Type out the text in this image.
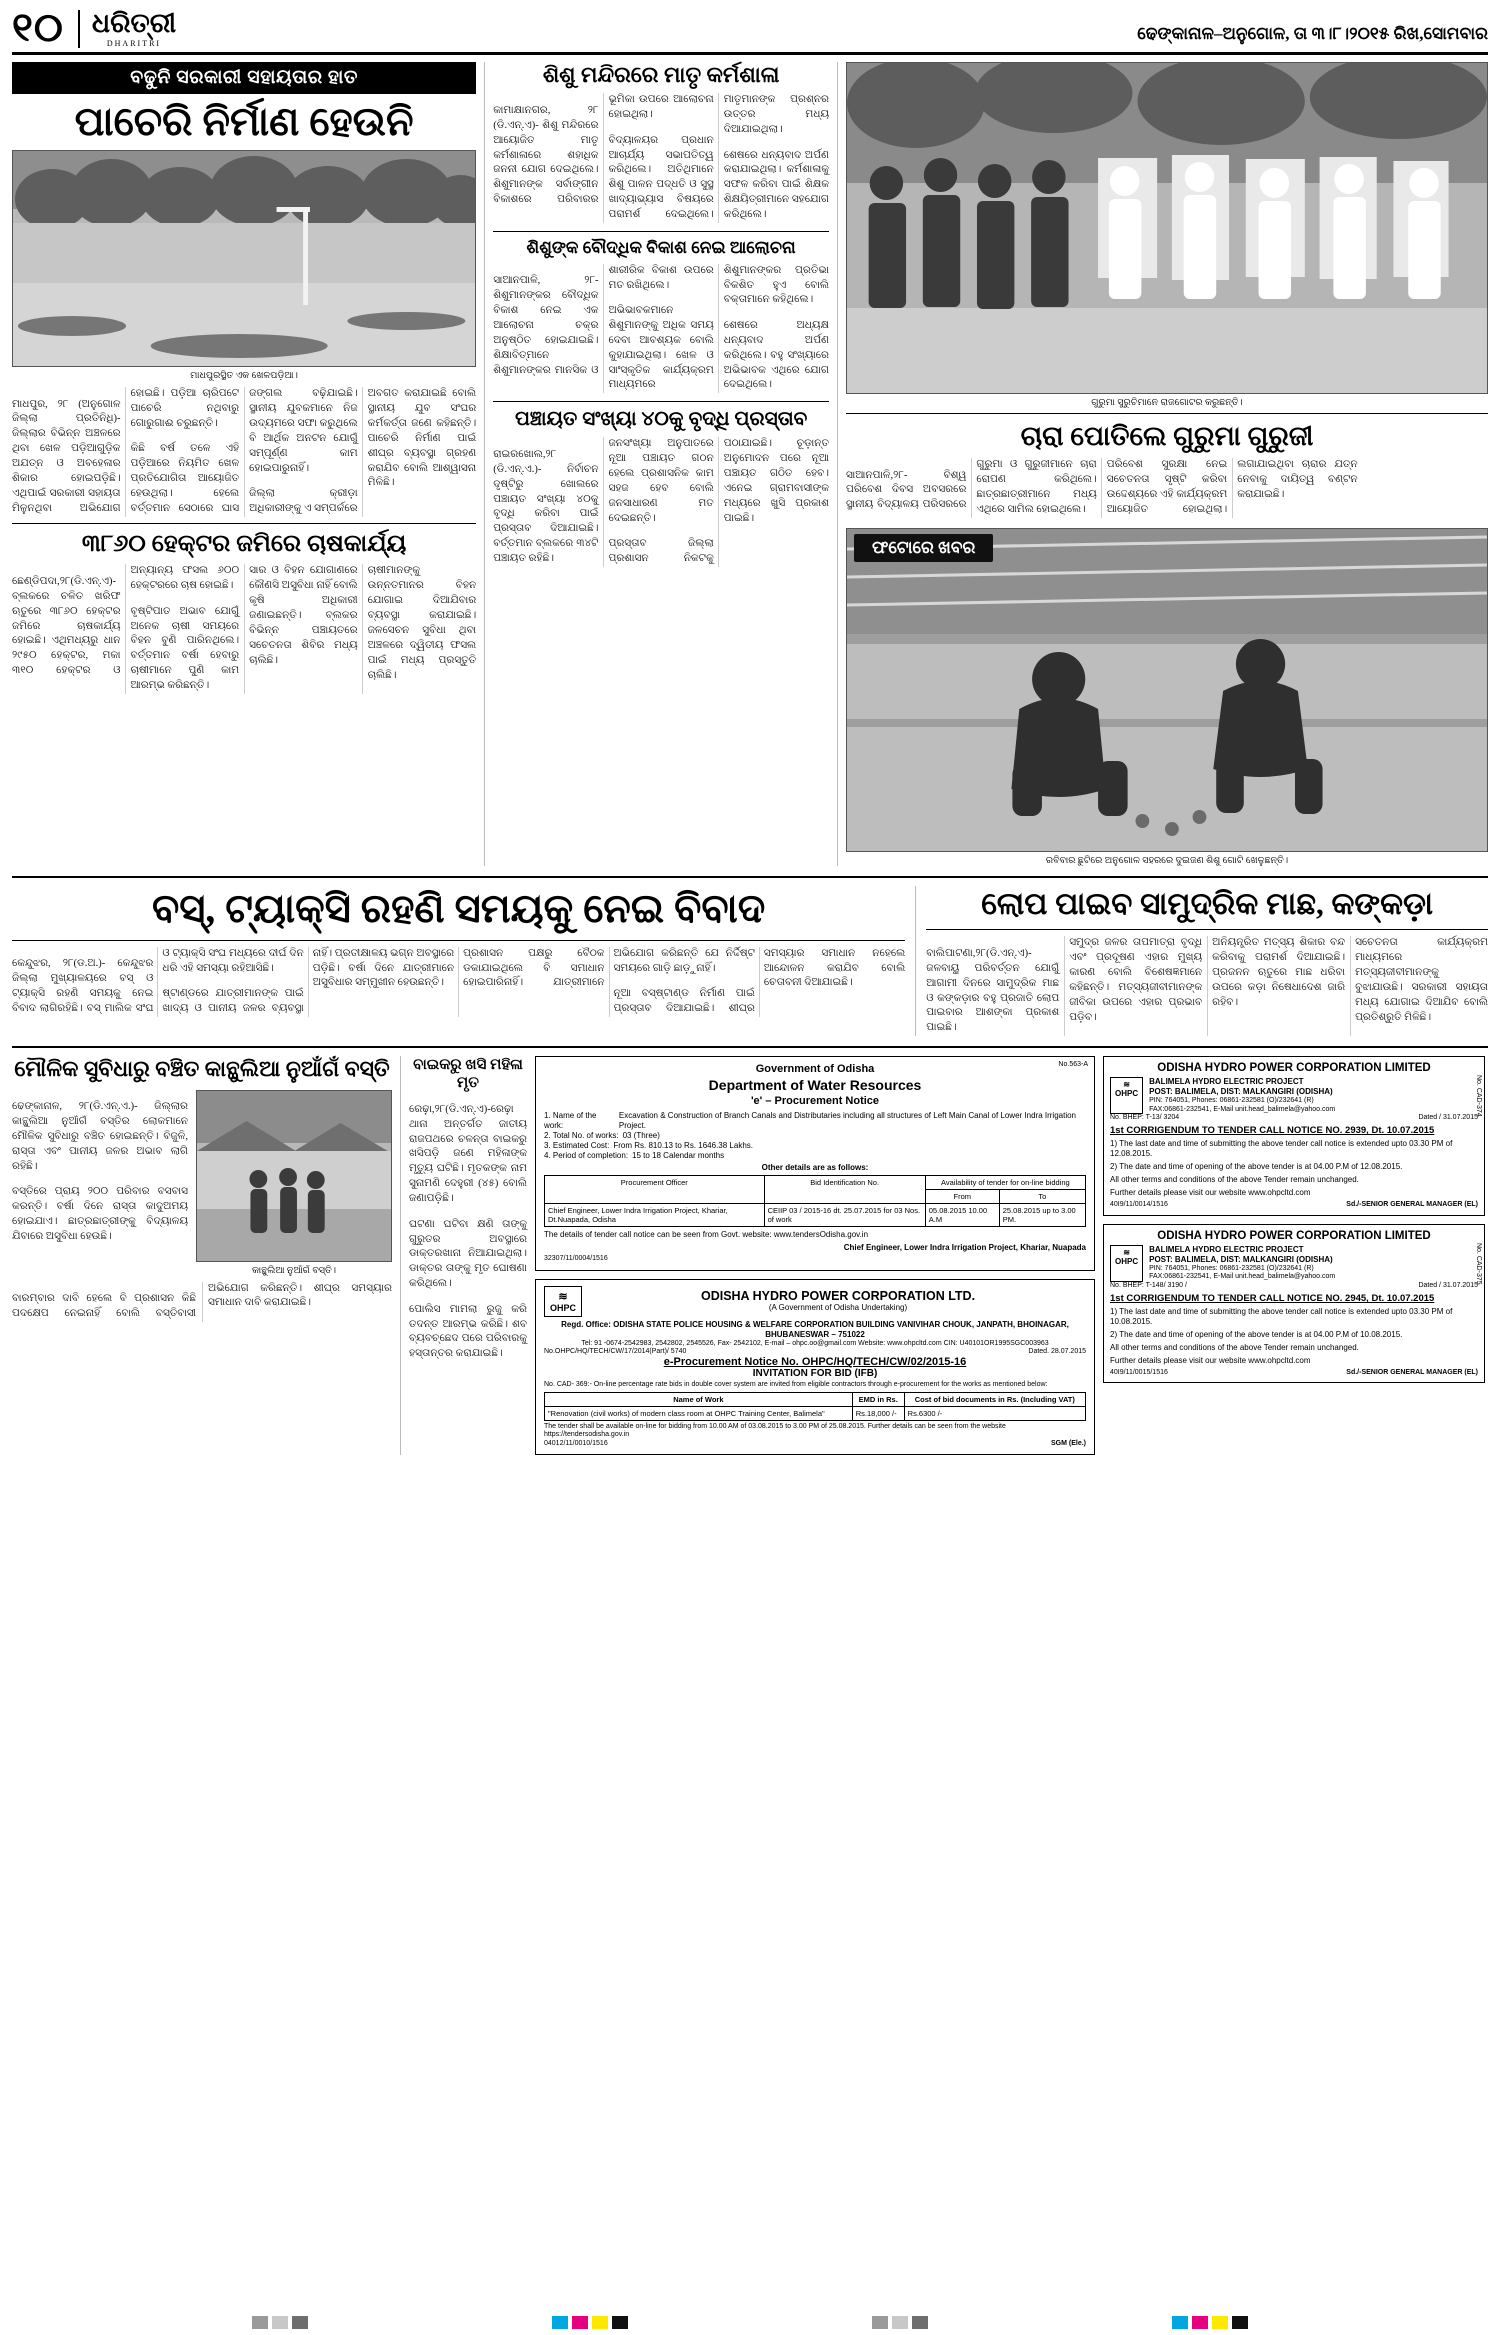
୧୦ ଧରିତ୍ରୀ
DHARITRI
ଢେଙ୍କାନାଳ–ଅନୁଗୋଳ, ତା ୩।୮।୨୦୧୫ ରିଖ,ସୋମବାର
ବଢୁନି ସରକାରୀ ସହାୟତାର ହାତ
ପାଚେରି ନିର୍ମାଣ ହେଉନି
ମାଧପୁରସ୍ଥିତ ଏକ ଖେଳପଡ଼ିଆ।

ମାଧପୁର, ୨୮ (ଅନୁଗୋଳ ଜିଲ୍ଲା ପ୍ରତିନିଧି)- ଜିଲ୍ଲାର ବିଭିନ୍ନ ଅଞ୍ଚଳରେ ଥିବା ଖେଳ ପଡ଼ିଆଗୁଡ଼ିକ ଅଯତ୍ନ ଓ ଅବହେଳାର ଶିକାର ହୋଇପଡ଼ିଛି। ଏଥିପାଇଁ ସରକାରୀ ସହାୟତା ମିଳୁନଥିବା ଅଭିଯୋଗ ହୋଇଛି। ପଡ଼ିଆ ଚାରିପଟେ ପାଚେରି ନଥିବାରୁ ଗୋରୁଗାଈ ଚରୁଛନ୍ତି।

କିଛି ବର୍ଷ ତଳେ ଏହି ପଡ଼ିଆରେ ନିୟମିତ ଖେଳ ପ୍ରତିଯୋଗିତା ଆୟୋଜିତ ହେଉଥିଲା। ହେଲେ ବର୍ତ୍ତମାନ ସେଠାରେ ଘାସ ଜଙ୍ଗଲ ବଢ଼ିଯାଇଛି। ସ୍ଥାନୀୟ ଯୁବକମାନେ ନିଜ ଉଦ୍ୟମରେ ସଫା କରୁଥିଲେ ବି ଆର୍ଥିକ ଅନଟନ ଯୋଗୁଁ ସମ୍ପୂର୍ଣ୍ଣ କାମ ହୋଇପାରୁନାହିଁ।

ଜିଲ୍ଲା କ୍ରୀଡ଼ା ଅଧିକାରୀଙ୍କୁ ଏ ସମ୍ପର୍କରେ ଅବଗତ କରାଯାଇଛି ବୋଲି ସ୍ଥାନୀୟ ଯୁବ ସଂଘର କର୍ମକର୍ତ୍ତା ଜଣେ କହିଛନ୍ତି। ପାଚେରି ନିର୍ମାଣ ପାଇଁ ଶୀଘ୍ର ବ୍ୟବସ୍ଥା ଗ୍ରହଣ କରାଯିବ ବୋଲି ଆଶ୍ୱାସନା ମିଳିଛି।

୩୮୬୦ ହେକ୍ଟର ଜମିରେ ଚାଷକାର୍ଯ୍ୟ

ଛେଣ୍ଡିପଦା,୨୮(ଡି.ଏନ୍.ଏ)- ବ୍ଲକରେ ଚଳିତ ଖରିଫ ଋତୁରେ ୩୮୬୦ ହେକ୍ଟର ଜମିରେ ଚାଷକାର୍ଯ୍ୟ ହୋଇଛି। ଏଥିମଧ୍ୟରୁ ଧାନ ୨୯୫୦ ହେକ୍ଟର, ମକା ୩୧୦ ହେକ୍ଟର ଓ ଅନ୍ୟାନ୍ୟ ଫସଲ ୬୦୦ ହେକ୍ଟରରେ ଚାଷ ହୋଇଛି।

ବୃଷ୍ଟିପାତ ଅଭାବ ଯୋଗୁଁ ଅନେକ ଚାଷୀ ସମୟରେ ବିହନ ବୁଣି ପାରିନଥିଲେ। ବର୍ତ୍ତମାନ ବର୍ଷା ହେବାରୁ ଚାଷୀମାନେ ପୁଣି କାମ ଆରମ୍ଭ କରିଛନ୍ତି।

ସାର ଓ ବିହନ ଯୋଗାଣରେ କୌଣସି ଅସୁବିଧା ନାହିଁ ବୋଲି କୃଷି ଅଧିକାରୀ ଜଣାଇଛନ୍ତି। ବ୍ଲକର ବିଭିନ୍ନ ପଞ୍ଚାୟତରେ ସଚେତନତା ଶିବିର ମଧ୍ୟ ଚାଲିଛି।

ଚାଷୀମାନଙ୍କୁ ଉନ୍ନତମାନର ବିହନ ଯୋଗାଇ ଦିଆଯିବାର ବ୍ୟବସ୍ଥା କରାଯାଇଛି। ଜଳସେଚନ ସୁବିଧା ଥିବା ଅଞ୍ଚଳରେ ଦ୍ୱିତୀୟ ଫସଲ ପାଇଁ ମଧ୍ୟ ପ୍ରସ୍ତୁତି ଚାଲିଛି।

ଶିଶୁ ମନ୍ଦିରରେ ମାତୃ କର୍ମଶାଳା

କାମାକ୍ଷାନଗର, ୨୮ (ଡି.ଏନ୍.ଏ)- ଶିଶୁ ମନ୍ଦିରରେ ଆୟୋଜିତ ମାତୃ କର୍ମଶାଳାରେ ଶହାଧିକ ଜନନୀ ଯୋଗ ଦେଇଥିଲେ। ଶିଶୁମାନଙ୍କ ସର୍ବାଙ୍ଗୀନ ବିକାଶରେ ପରିବାରର ଭୂମିକା ଉପରେ ଆଲୋଚନା ହୋଇଥିଲା।

ବିଦ୍ୟାଳୟର ପ୍ରଧାନ ଆଚାର୍ଯ୍ୟ ସଭାପତିତ୍ୱ କରିଥିଲେ। ଅତିଥିମାନେ ଶିଶୁ ପାଳନ ପଦ୍ଧତି ଓ ସୁସ୍ଥ ଖାଦ୍ୟାଭ୍ୟାସ ବିଷୟରେ ପରାମର୍ଶ ଦେଇଥିଲେ। ମାତୃମାନଙ୍କ ପ୍ରଶ୍ନର ଉତ୍ତର ମଧ୍ୟ ଦିଆଯାଇଥିଲା।

ଶେଷରେ ଧନ୍ୟବାଦ ଅର୍ପଣ କରାଯାଇଥିଲା। କର୍ମଶାଳାକୁ ସଫଳ କରିବା ପାଇଁ ଶିକ୍ଷକ ଶିକ୍ଷୟିତ୍ରୀମାନେ ସହଯୋଗ କରିଥିଲେ।

ଶିଶୁଙ୍କ ବୌଦ୍ଧିକ ବିକାଶ ନେଇ ଆଲୋଚନା

ସାଆନପାଳି, ୨୮- ଶିଶୁମାନଙ୍କର ବୌଦ୍ଧିକ ବିକାଶ ନେଇ ଏକ ଆଲୋଚନା ଚକ୍ର ଅନୁଷ୍ଠିତ ହୋଇଯାଇଛି। ଶିକ୍ଷାବିତ୍‌ମାନେ ଶିଶୁମାନଙ୍କର ମାନସିକ ଓ ଶାରୀରିକ ବିକାଶ ଉପରେ ମତ ରଖିଥିଲେ।

ଅଭିଭାବକମାନେ ଶିଶୁମାନଙ୍କୁ ଅଧିକ ସମୟ ଦେବା ଆବଶ୍ୟକ ବୋଲି କୁହାଯାଇଥିଲା। ଖେଳ ଓ ସାଂସ୍କୃତିକ କାର୍ଯ୍ୟକ୍ରମ ମାଧ୍ୟମରେ ଶିଶୁମାନଙ୍କର ପ୍ରତିଭା ବିକଶିତ ହୁଏ ବୋଲି ବକ୍ତାମାନେ କହିଥିଲେ।

ଶେଷରେ ଅଧ୍ୟକ୍ଷ ଧନ୍ୟବାଦ ଅର୍ପଣ କରିଥିଲେ। ବହୁ ସଂଖ୍ୟାରେ ଅଭିଭାବକ ଏଥିରେ ଯୋଗ ଦେଇଥିଲେ।

ପଞ୍ଚାୟତ ସଂଖ୍ୟା ୪୦କୁ ବୃଦ୍ଧି ପ୍ରସ୍ତାବ

ରାଇରଖୋଲ,୨୮ (ଡି.ଏନ୍.ଏ.)- ନିର୍ବାଚନ ଦୃଷ୍ଟିରୁ ଖୋଲରେ ପଞ୍ଚାୟତ ସଂଖ୍ୟା ୪୦କୁ ବୃଦ୍ଧି କରିବା ପାଇଁ ପ୍ରସ୍ତାବ ଦିଆଯାଇଛି। ବର୍ତ୍ତମାନ ବ୍ଲକରେ ୩୪ଟି ପଞ୍ଚାୟତ ରହିଛି।

ଜନସଂଖ୍ୟା ଅନୁପାତରେ ନୂଆ ପଞ୍ଚାୟତ ଗଠନ ହେଲେ ପ୍ରଶାସନିକ କାମ ସହଜ ହେବ ବୋଲି ଜନସାଧାରଣ ମତ ଦେଇଛନ୍ତି।

ପ୍ରସ୍ତାବ ଜିଲ୍ଲା ପ୍ରଶାସନ ନିକଟକୁ ପଠାଯାଇଛି। ଚୂଡ଼ାନ୍ତ ଅନୁମୋଦନ ପରେ ନୂଆ ପଞ୍ଚାୟତ ଗଠିତ ହେବ। ଏନେଇ ଗ୍ରାମବାସୀଙ୍କ ମଧ୍ୟରେ ଖୁସି ପ୍ରକାଶ ପାଇଛି।

ଗୁରୁମା ସୁରୁଚିମାନେ ରାଜଗୋଟର କରୁଛନ୍ତି।
ଚାରା ପୋତିଲେ ଗୁରୁମା ଗୁରୁଜୀ

ସାଆନପାଳି,୨୮- ବିଶ୍ୱ ପରିବେଶ ଦିବସ ଅବସରରେ ସ୍ଥାନୀୟ ବିଦ୍ୟାଳୟ ପରିସରରେ ଗୁରୁମା ଓ ଗୁରୁଜୀମାନେ ଚାରା ରୋପଣ କରିଥିଲେ। ଛାତ୍ରଛାତ୍ରୀମାନେ ମଧ୍ୟ ଏଥିରେ ସାମିଲ ହୋଇଥିଲେ।

ପରିବେଶ ସୁରକ୍ଷା ନେଇ ସଚେତନତା ସୃଷ୍ଟି କରିବା ଉଦ୍ଦେଶ୍ୟରେ ଏହି କାର୍ଯ୍ୟକ୍ରମ ଆୟୋଜିତ ହୋଇଥିଲା। ଲଗାଯାଇଥିବା ଚାରାର ଯତ୍ନ ନେବାକୁ ଦାୟିତ୍ୱ ବଣ୍ଟନ କରାଯାଇଛି।

ଫଟୋରେ ଖବର
ରବିବାର ଛୁଟିରେ ଅନୁଗୋଳ ସହରରେ ଦୁଇଜଣ ଶିଶୁ ଗୋଟି ଖେଳୁଛନ୍ତି।
ବସ୍‌, ଟ୍ୟାକ୍ସି ରହଣି ସମୟକୁ ନେଇ ବିବାଦ

କେନ୍ଦୁଝର, ୨୮(ଡ.ଅ.)- କେନ୍ଦୁଝର ଜିଲ୍ଲା ମୁଖ୍ୟାଳୟରେ ବସ୍‌ ଓ ଟ୍ୟାକ୍ସି ରହଣି ସମୟକୁ ନେଇ ବିବାଦ ଲାଗିରହିଛି। ବସ୍‌ ମାଲିକ ସଂଘ ଓ ଟ୍ୟାକ୍ସି ସଂଘ ମଧ୍ୟରେ ଦୀର୍ଘ ଦିନ ଧରି ଏହି ସମସ୍ୟା ରହିଆସିଛି।

ଷ୍ଟାଣ୍ଡରେ ଯାତ୍ରୀମାନଙ୍କ ପାଇଁ ଖାଦ୍ୟ ଓ ପାନୀୟ ଜଳର ବ୍ୟବସ୍ଥା ନାହିଁ। ପ୍ରତୀକ୍ଷାଳୟ ଭଗ୍ନ ଅବସ୍ଥାରେ ପଡ଼ିଛି। ବର୍ଷା ଦିନେ ଯାତ୍ରୀମାନେ ଅସୁବିଧାର ସମ୍ମୁଖୀନ ହେଉଛନ୍ତି।

ପ୍ରଶାସନ ପକ୍ଷରୁ ବୈଠକ ଡକାଯାଇଥିଲେ ବି ସମାଧାନ ହୋଇପାରିନାହିଁ। ଯାତ୍ରୀମାନେ ଅଭିଯୋଗ କରିଛନ୍ତି ଯେ ନିର୍ଦ୍ଦିଷ୍ଟ ସମୟରେ ଗାଡ଼ି ଛାଡ଼ୁନାହିଁ।

ନୂଆ ବସ୍‌ଷ୍ଟାଣ୍ଡ ନିର୍ମାଣ ପାଇଁ ପ୍ରସ୍ତାବ ଦିଆଯାଇଛି। ଶୀଘ୍ର ସମସ୍ୟାର ସମାଧାନ ନହେଲେ ଆନ୍ଦୋଳନ କରାଯିବ ବୋଲି ଚେତାବନୀ ଦିଆଯାଇଛି।

ଲୋପ ପାଇବ ସାମୁଦ୍ରିକ ମାଛ, କଙ୍କଡ଼ା

ବାଲିପାଟଣା,୨୮(ଡି.ଏନ୍.ଏ)-ଜଳବାୟୁ ପରିବର୍ତ୍ତନ ଯୋଗୁଁ ଆଗାମୀ ଦିନରେ ସାମୁଦ୍ରିକ ମାଛ ଓ କଙ୍କଡ଼ାର ବହୁ ପ୍ରଜାତି ଲୋପ ପାଇବାର ଆଶଙ୍କା ପ୍ରକାଶ ପାଇଛି।

ସମୁଦ୍ର ଜଳର ତାପମାତ୍ରା ବୃଦ୍ଧି ଏବଂ ପ୍ରଦୂଷଣ ଏହାର ମୁଖ୍ୟ କାରଣ ବୋଲି ବିଶେଷଜ୍ଞମାନେ କହିଛନ୍ତି। ମତ୍ସ୍ୟଜୀବୀମାନଙ୍କ ଜୀବିକା ଉପରେ ଏହାର ପ୍ରଭାବ ପଡ଼ିବ।

ଅନିୟନ୍ତ୍ରିତ ମତ୍ସ୍ୟ ଶିକାର ବନ୍ଦ କରିବାକୁ ପରାମର୍ଶ ଦିଆଯାଇଛି। ପ୍ରଜନନ ଋତୁରେ ମାଛ ଧରିବା ଉପରେ କଡ଼ା ନିଷେଧାଦେଶ ଜାରି ରହିବ।

ସଚେତନତା କାର୍ଯ୍ୟକ୍ରମ ମାଧ୍ୟମରେ ମତ୍ସ୍ୟଜୀବୀମାନଙ୍କୁ ବୁଝାଯାଉଛି। ସରକାରୀ ସହାୟତା ମଧ୍ୟ ଯୋଗାଇ ଦିଆଯିବ ବୋଲି ପ୍ରତିଶ୍ରୁତି ମିଳିଛି।

ମୌଳିକ ସୁବିଧାରୁ ବଞ୍ଚିତ କାନ୍ଥୁଲିଆ ନୁଆଁଗଁ ବସ୍ତି

ଢେଙ୍କାନାଳ, ୨୮(ଡି.ଏନ୍.ଏ.)- ଜିଲ୍ଲାର କାନ୍ଥୁଲିଆ ନୁଆଁଗଁ ବସ୍ତିର ଲୋକମାନେ ମୌଳିକ ସୁବିଧାରୁ ବଞ୍ଚିତ ହୋଇଛନ୍ତି। ବିଜୁଳି, ରାସ୍ତା ଏବଂ ପାନୀୟ ଜଳର ଅଭାବ ଲାଗି ରହିଛି।

ବସ୍ତିରେ ପ୍ରାୟ ୨୦୦ ପରିବାର ବସବାସ କରନ୍ତି। ବର୍ଷା ଦିନେ ରାସ୍ତା କାଦୁଅମୟ ହୋଇଯାଏ। ଛାତ୍ରଛାତ୍ରୀଙ୍କୁ ବିଦ୍ୟାଳୟ ଯିବାରେ ଅସୁବିଧା ହେଉଛି।

କାନ୍ଥୁଲିଆ ନୁଆଁଗଁ ବସ୍ତି।

ବାରମ୍ବାର ଦାବି ହେଲେ ବି ପ୍ରଶାସନ କିଛି ପଦକ୍ଷେପ ନେଇନାହିଁ ବୋଲି ବସ୍ତିବାସୀ ଅଭିଯୋଗ କରିଛନ୍ତି। ଶୀଘ୍ର ସମସ୍ୟାର ସମାଧାନ ଦାବି କରାଯାଇଛି।

ବାଇକରୁ ଖସି ମହିଳା ମୃତ

ରେଢ଼ା,୨୮(ଡି.ଏନ୍.ଏ)-ରେଢ଼ା ଥାନା ଅନ୍ତର୍ଗତ ଜାତୀୟ ରାଜପଥରେ ଚଳନ୍ତା ବାଇକରୁ ଖସିପଡ଼ି ଜଣେ ମହିଳାଙ୍କ ମୃତ୍ୟୁ ଘଟିଛି। ମୃତକଙ୍କ ନାମ ସୁନାମଣି ଦେହୁରୀ (୪୫) ବୋଲି ଜଣାପଡ଼ିଛି।

ଘଟଣା ଘଟିବା କ୍ଷଣି ତାଙ୍କୁ ଗୁରୁତର ଅବସ୍ଥାରେ ଡାକ୍ତରଖାନା ନିଆଯାଇଥିଲା। ଡାକ୍ତର ତାଙ୍କୁ ମୃତ ଘୋଷଣା କରିଥିଲେ।

ପୋଲିସ ମାମଲା ରୁଜୁ କରି ତଦନ୍ତ ଆରମ୍ଭ କରିଛି। ଶବ ବ୍ୟବଚ୍ଛେଦ ପରେ ପରିବାରକୁ ହସ୍ତାନ୍ତର କରାଯାଇଛି।

No.563-A
Government of Odisha
Department of Water Resources
'e' – Procurement Notice
1. Name of the work:
Excavation & Construction of Branch Canals and Distributaries including all structures of Left Main Canal of Lower Indra Irrigation Project.
2. Total No. of works: 03 (Three)
3. Estimated Cost: From Rs. 810.13 to Rs. 1646.38 Lakhs.
4. Period of completion: 15 to 18 Calendar months
Other details are as follows:
Procurement Officer	Bid Identification No.	Availability of tender for on-line bidding	
		From	To
Chief Engineer, Lower Indra Irrigation Project, Khariar, Dt.Nuapada, Odisha	CEIIP 03 / 2015-16 dt. 25.07.2015 for 03 Nos. of work	05.08.2015 10.00 A.M	25.08.2015 up to 3.00 PM.
The details of tender call notice can be seen from Govt. website: www.tendersOdisha.gov.in
Chief Engineer, Lower Indra Irrigation Project, Khariar, Nuapada
32307/11/0004/1516
≋
OHPC
ODISHA HYDRO POWER CORPORATION LTD.
(A Government of Odisha Undertaking)
Regd. Office: ODISHA STATE POLICE HOUSING & WELFARE CORPORATION BUILDING VANIVIHAR CHOUK, JANPATH, BHOINAGAR, BHUBANESWAR – 751022
Tel: 91 -0674-2542983, 2542802, 2545526, Fax- 2542102, E-mail – ohpc.oo@gmail.com Website: www.ohpcltd.com CIN: U40101OR1995SGC003963
No.OHPC/HQ/TECH/CW/17/2014(Part)/ 5740	Dated. 28.07.2015
e-Procurement Notice No. OHPC/HQ/TECH/CW/02/2015-16
INVITATION FOR BID (IFB)
No. CAD- 369:- On-line percentage rate bids in double cover system are invited from eligible contractors through e-procurement for the works as mentioned below:
Name of Work	EMD in Rs.	Cost of bid documents in Rs. (Including VAT)
"Renovation (civil works) of modern class room at OHPC Training Center, Balimela"	Rs.18,000 /-	Rs.6300 /-
The tender shall be available on-line for bidding from 10.00 AM of 03.08.2015 to 3.00 PM of 25.08.2015. Further details can be seen from the website https://tendersodisha.gov.in
04012/11/0010/1516	SGM (Ele.)
No. CAD-374
ODISHA HYDRO POWER CORPORATION LIMITED
≋
OHPC
BALIMELA HYDRO ELECTRIC PROJECT
POST: BALIMELA, DIST: MALKANGIRI (ODISHA)
PIN: 764051, Phones: 06861-232581 (O)/232641 (R)
FAX:06861-232541, E-Mail unit.head_balimela@yahoo.com
No. BHEP: T-13/ 3204	Dated / 31.07.2015
1st CORRIGENDUM TO TENDER CALL NOTICE NO. 2939, Dt. 10.07.2015
1) The last date and time of submitting the above tender call notice is extended upto 03.30 PM of 12.08.2015.
2) The date and time of opening of the above tender is at 04.00 P.M of 12.08.2015.
All other terms and conditions of the above Tender remain unchanged.
Further details please visit our website www.ohpcltd.com
40I9/11/0014/1516	Sd./-SENIOR GENERAL MANAGER (EL)
No. CAD-375
ODISHA HYDRO POWER CORPORATION LIMITED
≋
OHPC
BALIMELA HYDRO ELECTRIC PROJECT
POST: BALIMELA, DIST: MALKANGIRI (ODISHA)
PIN: 764051, Phones: 06861-232581 (O)/232641 (R)
FAX:06861-232541, E-Mail unit.head_balimela@yahoo.com
No. BHEP: T-148/ 3190 /	Dated / 31.07.2015
1st CORRIGENDUM TO TENDER CALL NOTICE NO. 2945, Dt. 10.07.2015
1) The last date and time of submitting the above tender call notice is extended upto 03.30 PM of 10.08.2015.
2) The date and time of opening of the above tender is at 04.00 P.M of 10.08.2015.
All other terms and conditions of the above Tender remain unchanged.
Further details please visit our website www.ohpcltd.com
40I9/11/0015/1516	Sd./-SENIOR GENERAL MANAGER (EL)
